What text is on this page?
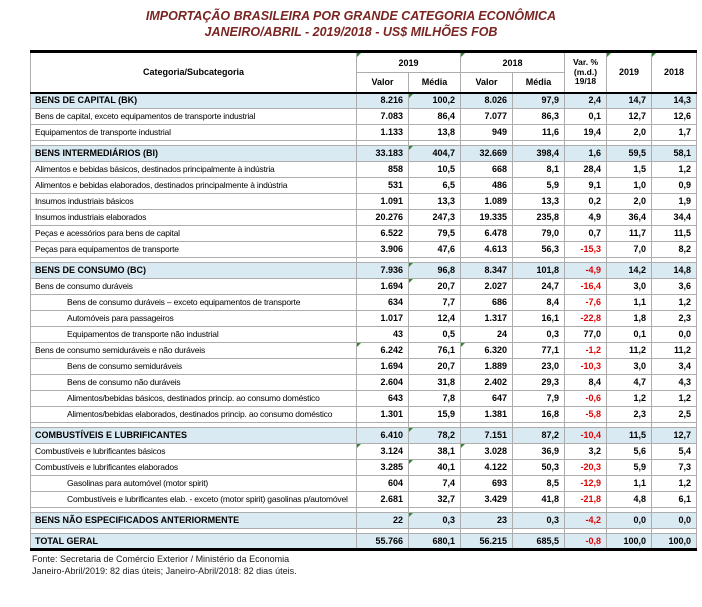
IMPORTAÇÃO BRASILEIRA POR GRANDE CATEGORIA ECONÔMICA
JANEIRO/ABRIL - 2019/2018 - US$ MILHÕES FOB
Categoria/Subcategoria	2019		2018		Var. %
(m.d.)
19/18	2019	2018
	Valor	Média	Valor	Média			
BENS DE CAPITAL (BK)	8.216	100,2	8.026	97,9	2,4	14,7	14,3
Bens de capital, exceto equipamentos de transporte industrial	7.083	86,4	7.077	86,3	0,1	12,7	12,6
Equipamentos de transporte industrial	1.133	13,8	949	11,6	19,4	2,0	1,7

BENS INTERMEDIÁRIOS (BI)	33.183	404,7	32.669	398,4	1,6	59,5	58,1
Alimentos e bebidas básicos, destinados principalmente à indústria	858	10,5	668	8,1	28,4	1,5	1,2
Alimentos e bebidas elaborados, destinados principalmente à indústria	531	6,5	486	5,9	9,1	1,0	0,9
Insumos industriais básicos	1.091	13,3	1.089	13,3	0,2	2,0	1,9
Insumos industriais elaborados	20.276	247,3	19.335	235,8	4,9	36,4	34,4
Peças e acessórios para bens de capital	6.522	79,5	6.478	79,0	0,7	11,7	11,5
Peças para equipamentos de transporte	3.906	47,6	4.613	56,3	-15,3	7,0	8,2

BENS DE CONSUMO (BC)	7.936	96,8	8.347	101,8	-4,9	14,2	14,8
Bens de consumo duráveis	1.694	20,7	2.027	24,7	-16,4	3,0	3,6
Bens de consumo duráveis – exceto equipamentos de transporte	634	7,7	686	8,4	-7,6	1,1	1,2
Automóveis para passageiros	1.017	12,4	1.317	16,1	-22,8	1,8	2,3
Equipamentos de transporte não industrial	43	0,5	24	0,3	77,0	0,1	0,0
Bens de consumo semiduráveis e não duráveis	6.242	76,1	6.320	77,1	-1,2	11,2	11,2
Bens de consumo semiduráveis	1.694	20,7	1.889	23,0	-10,3	3,0	3,4
Bens de consumo não duráveis	2.604	31,8	2.402	29,3	8,4	4,7	4,3
Alimentos/bebidas básicos, destinados princip. ao consumo doméstico	643	7,8	647	7,9	-0,6	1,2	1,2
Alimentos/bebidas elaborados, destinados princip. ao consumo doméstico	1.301	15,9	1.381	16,8	-5,8	2,3	2,5

COMBUSTÍVEIS E LUBRIFICANTES	6.410	78,2	7.151	87,2	-10,4	11,5	12,7
Combustíveis e lubrificantes básicos	3.124	38,1	3.028	36,9	3,2	5,6	5,4
Combustíveis e lubrificantes elaborados	3.285	40,1	4.122	50,3	-20,3	5,9	7,3
Gasolinas para automóvel (motor spirit)	604	7,4	693	8,5	-12,9	1,1	1,2
Combustíveis e lubrificantes elab. - exceto (motor spirit) gasolinas p/automóvel	2.681	32,7	3.429	41,8	-21,8	4,8	6,1

BENS NÃO ESPECIFICADOS ANTERIORMENTE	22	0,3	23	0,3	-4,2	0,0	0,0

TOTAL GERAL	55.766	680,1	56.215	685,5	-0,8	100,0	100,0
Fonte: Secretaria de Comércio Exterior / Ministério da Economia
Janeiro-Abril/2019: 82 dias úteis; Janeiro-Abril/2018: 82 dias úteis.
